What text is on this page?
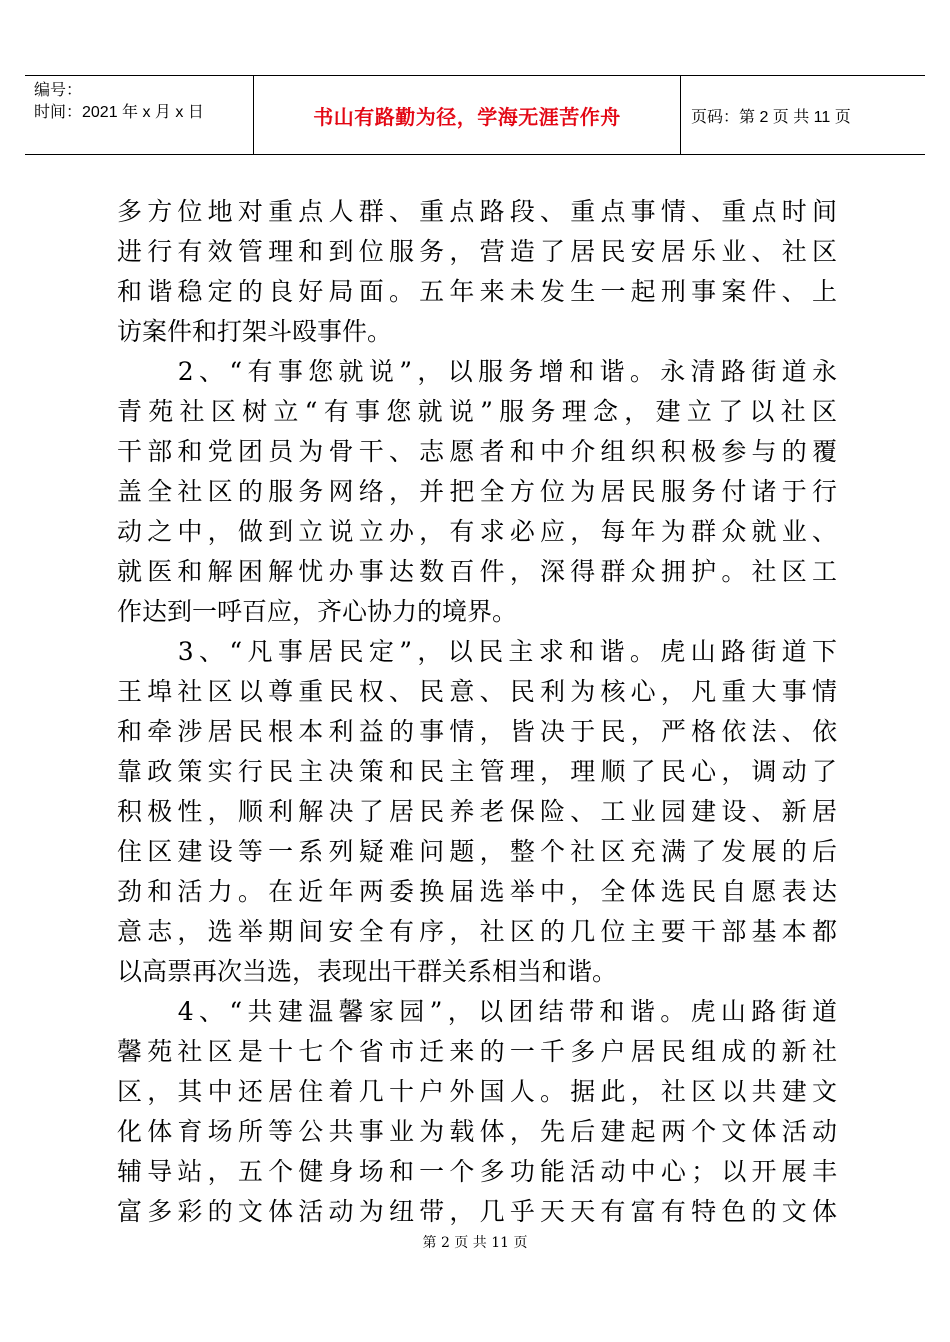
编号：
时间：2021 年 x 月 x 日	书山有路勤为径，学海无涯苦作舟	页码：第 2 页 共 11 页
多方位地对重点人群、重点路段、重点事情、重点时间
进行有效管理和到位服务，营造了居民安居乐业、社区
和谐稳定的良好局面。五年来未发生一起刑事案件、上
访案件和打架斗殴事件。
　　2、“有事您就说”，以服务增和谐。永清路街道永
青苑社区树立“有事您就说”服务理念，建立了以社区
干部和党团员为骨干、志愿者和中介组织积极参与的覆
盖全社区的服务网络，并把全方位为居民服务付诸于行
动之中，做到立说立办，有求必应，每年为群众就业、
就医和解困解忧办事达数百件，深得群众拥护。社区工
作达到一呼百应，齐心协力的境界。
　　3、“凡事居民定”，以民主求和谐。虎山路街道下
王埠社区以尊重民权、民意、民利为核心，凡重大事情
和牵涉居民根本利益的事情，皆决于民，严格依法、依
靠政策实行民主决策和民主管理，理顺了民心，调动了
积极性，顺利解决了居民养老保险、工业园建设、新居
住区建设等一系列疑难问题，整个社区充满了发展的后
劲和活力。在近年两委换届选举中，全体选民自愿表达
意志，选举期间安全有序，社区的几位主要干部基本都
以高票再次当选，表现出干群关系相当和谐。
　　4、“共建温馨家园”，以团结带和谐。虎山路街道
馨苑社区是十七个省市迁来的一千多户居民组成的新社
区，其中还居住着几十户外国人。据此，社区以共建文
化体育场所等公共事业为载体，先后建起两个文体活动
辅导站，五个健身场和一个多功能活动中心；以开展丰
富多彩的文体活动为纽带，几乎天天有富有特色的文体
第 2 页 共 11 页
